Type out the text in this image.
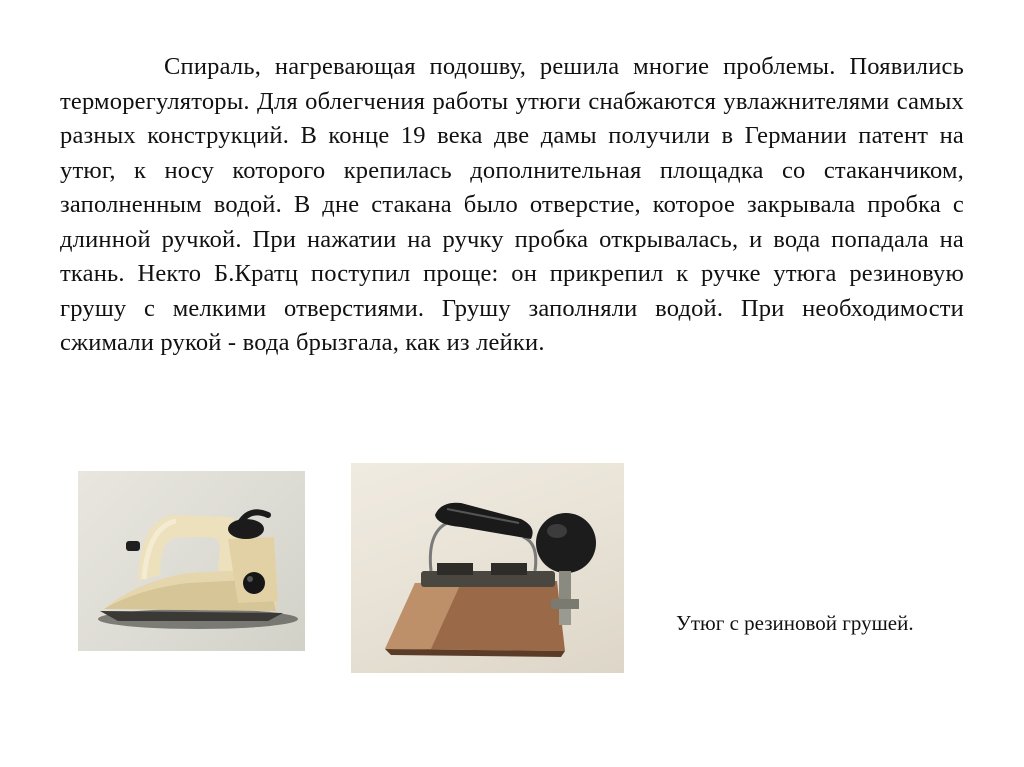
Спираль, нагревающая подошву, решила многие проблемы. Появились терморегуляторы. Для облегчения работы утюги снабжаются увлажнителями самых разных конструкций. В конце 19 века две дамы получили в Германии патент на утюг, к носу которого крепилась дополнительная площадка со стаканчиком, заполненным водой. В дне стакана было отверстие, которое закрывала пробка с длинной ручкой. При нажатии на ручку пробка открывалась, и вода попадала на ткань. Некто Б.Кратц поступил проще: он прикрепил к ручке утюга резиновую грушу с мелкими отверстиями. Грушу заполняли водой. При необходимости сжимали рукой - вода брызгала, как из лейки.

Утюг с резиновой грушей.
